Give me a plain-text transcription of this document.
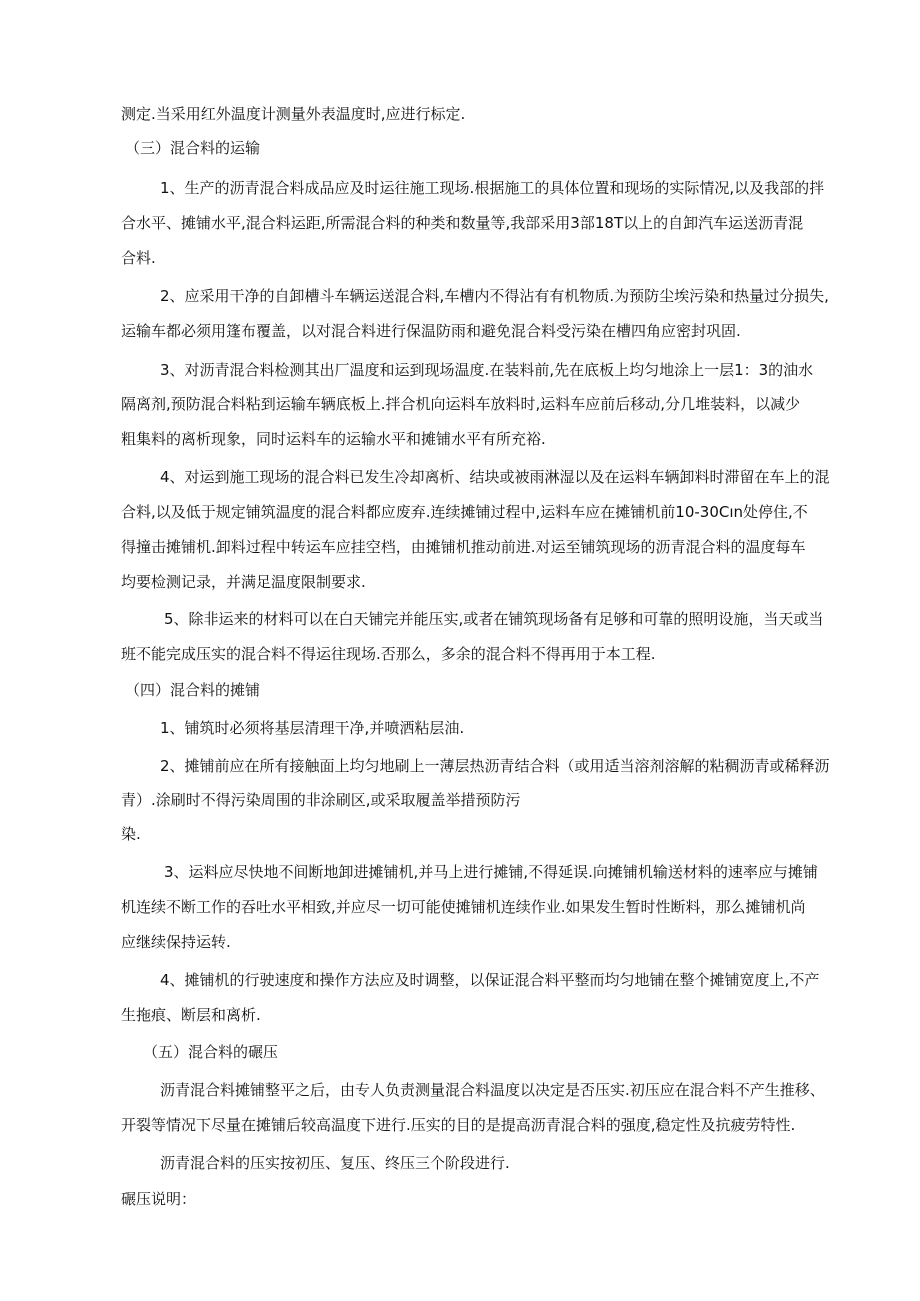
测定.当采用红外温度计测量外表温度时,应进行标定.
（三）混合料的运输
1、生产的沥青混合料成品应及时运往施工现场.根据施工的具体位置和现场的实际情况,以及我部的拌
合水平、摊铺水平,混合料运距,所需混合料的种类和数量等,我部采用3部18T以上的自卸汽车运送沥青混
合料.
2、应采用干净的自卸槽斗车辆运送混合料,车槽内不得沾有有机物质.为预防尘埃污染和热量过分损失,
运输车都必须用篷布覆盖，以对混合料进行保温防雨和避免混合料受污染在槽四角应密封巩固.
3、对沥青混合料检测其出厂温度和运到现场温度.在装料前,先在底板上均匀地涂上一层1：3的油水
隔离剂,预防混合料粘到运输车辆底板上.拌合机向运料车放料时,运料车应前后移动,分几堆装料，以减少
粗集料的离析现象，同时运料车的运输水平和摊铺水平有所充裕.
4、对运到施工现场的混合料已发生冷却离析、结块或被雨淋湿以及在运料车辆卸料时滞留在车上的混
合料,以及低于规定铺筑温度的混合料都应废弃.连续摊铺过程中,运料车应在摊铺机前10-30Cın处停住,不
得撞击摊铺机.卸料过程中转运车应挂空档，由摊铺机推动前进.对运至铺筑现场的沥青混合料的温度每车
均要检测记录，并满足温度限制要求.
5、除非运来的材料可以在白天铺完并能压实,或者在铺筑现场备有足够和可靠的照明设施，当天或当
班不能完成压实的混合料不得运往现场.否那么，多余的混合料不得再用于本工程.
（四）混合料的摊铺
1、铺筑时必须将基层清理干净,并喷洒粘层油.
2、摊铺前应在所有接触面上均匀地刷上一薄层热沥青结合料（或用适当溶剂溶解的粘稠沥青或稀释沥
青）.涂刷时不得污染周围的非涂刷区,或采取履盖举措预防污
染.
3、运料应尽快地不间断地卸进摊铺机,并马上进行摊铺,不得延误.向摊铺机输送材料的速率应与摊铺
机连续不断工作的吞吐水平相致,并应尽一切可能使摊铺机连续作业.如果发生暂时性断料，那么摊铺机尚
应继续保持运转.
4、摊铺机的行驶速度和操作方法应及时调整，以保证混合料平整而均匀地铺在整个摊铺宽度上,不产
生拖痕、断层和离析.
（五）混合料的碾压
沥青混合料摊铺整平之后，由专人负责测量混合料温度以决定是否压实.初压应在混合料不产生推移、
开裂等情况下尽量在摊铺后较高温度下进行.压实的目的是提高沥青混合料的强度,稳定性及抗疲劳特性.
沥青混合料的压实按初压、复压、终压三个阶段进行.
碾压说明：
